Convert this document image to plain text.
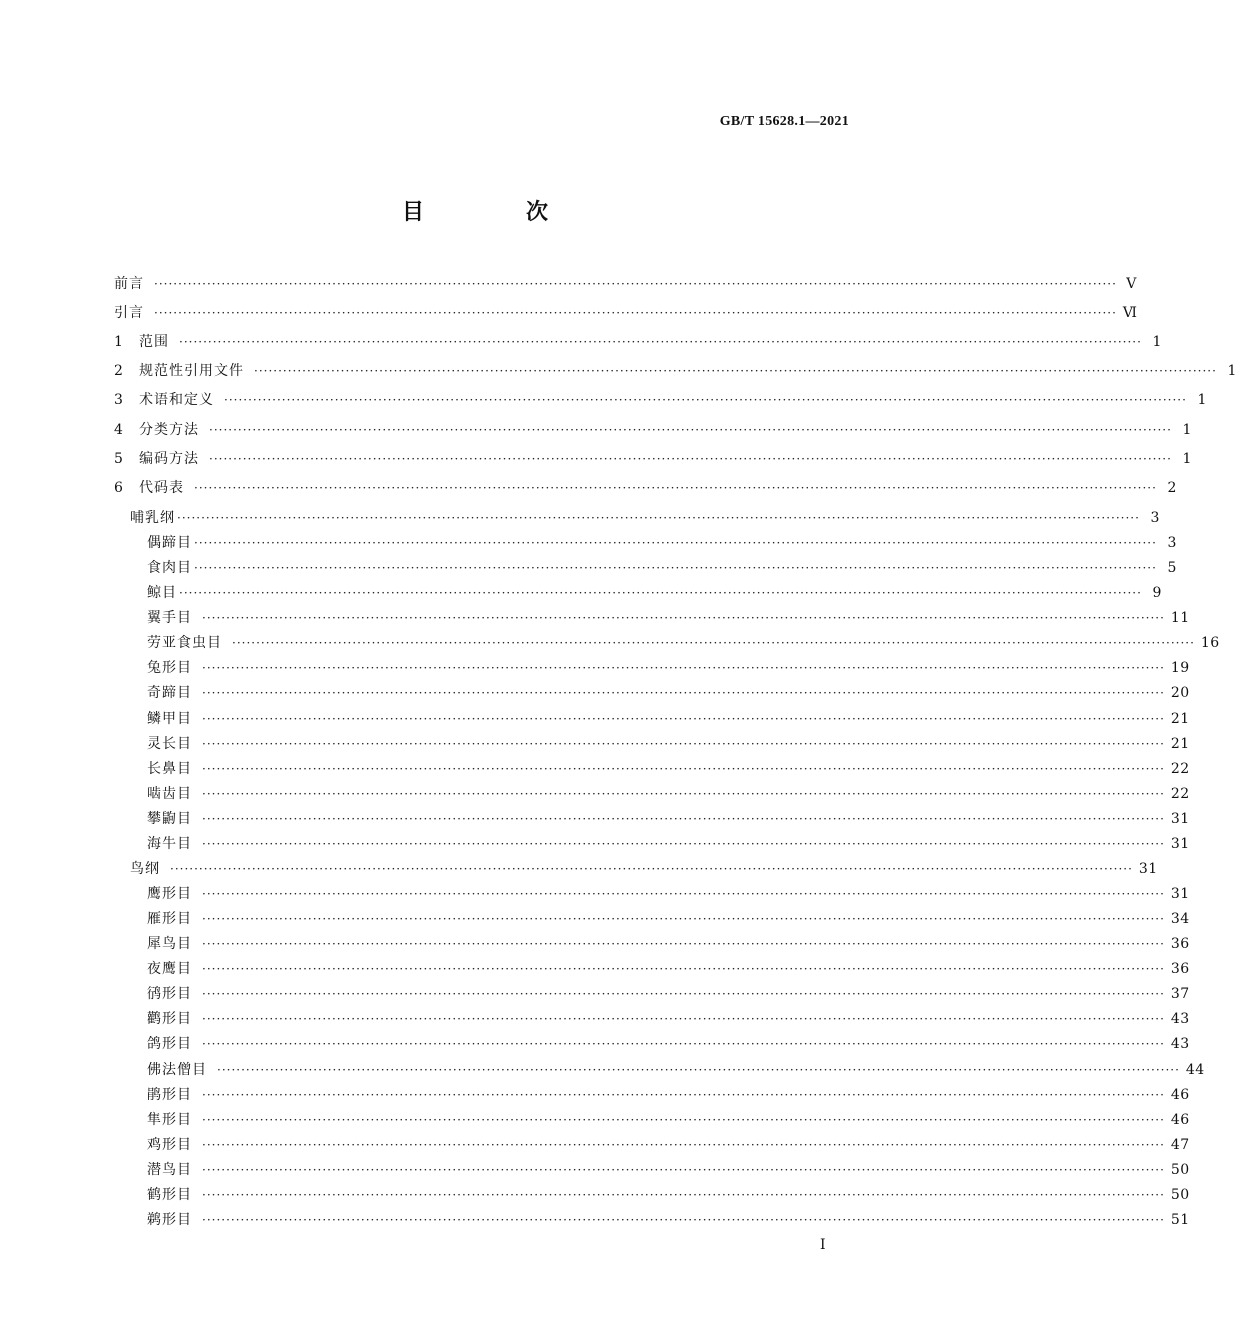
GB/T 15628.1—2021
目　次
前言 ········································································································································································································ Ⅴ
引言 ········································································································································································································ Ⅵ
1	范围 ········································································································································································································ 1
2	规范性引用文件 ········································································································································································································ 1
3	术语和定义 ········································································································································································································ 1
4	分类方法 ········································································································································································································ 1
5	编码方法 ········································································································································································································ 1
6	代码表 ········································································································································································································ 2
哺乳纲 ········································································································································································································ 3
偶蹄目 ········································································································································································································ 3
食肉目 ········································································································································································································ 5
鲸目 ········································································································································································································ 9
翼手目 ········································································································································································································ 11
劳亚食虫目 ········································································································································································································ 16
兔形目 ········································································································································································································ 19
奇蹄目 ········································································································································································································ 20
鳞甲目 ········································································································································································································ 21
灵长目 ········································································································································································································ 21
长鼻目 ········································································································································································································ 22
啮齿目 ········································································································································································································ 22
攀鼩目 ········································································································································································································ 31
海牛目 ········································································································································································································ 31
鸟纲 ········································································································································································································ 31
鹰形目 ········································································································································································································ 31
雁形目 ········································································································································································································ 34
犀鸟目 ········································································································································································································ 36
夜鹰目 ········································································································································································································ 36
鸻形目 ········································································································································································································ 37
鹳形目 ········································································································································································································ 43
鸽形目 ········································································································································································································ 43
佛法僧目 ········································································································································································································ 44
鹃形目 ········································································································································································································ 46
隼形目 ········································································································································································································ 46
鸡形目 ········································································································································································································ 47
潜鸟目 ········································································································································································································ 50
鹤形目 ········································································································································································································ 50
鹈形目 ········································································································································································································ 51
I
